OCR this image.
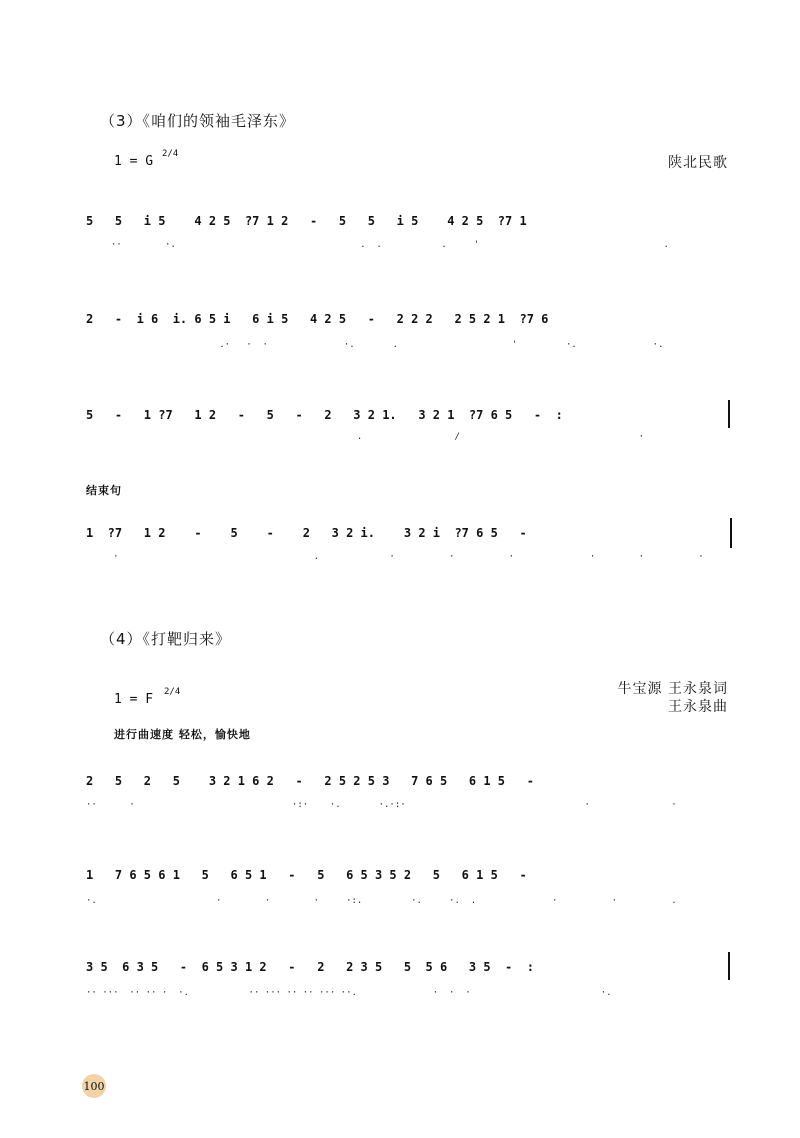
（3）《咱们的领袖毛泽东》
1 = G 2/4
陕北民歌
5   5   i 5    4 2 5  ?7 1 2   -   5   5   i 5    4 2 5  ?7 1
··        ·.                                  .  .           .     '                                  .
2   -  i 6  i. 6 5 i   6 i 5   4 2 5   -   2 2 2   2 5 2 1  ?7 6
.·   ·  ·              ·.       .                     '         ·.              ·.
5   -   1 ?7   1 2   -   5   -   2   3 2 1.   3 2 1  ?7 6 5   -  :
.                 /                                 ·
结束句
1  ?7   1 2    -    5    -    2   3 2 i.    3 2 i  ?7 6 5   -
·                                    .             ·          ·          ·              ·        ·          ·
（4）《打靶归来》
牛宝源 王永泉词
王永泉曲
1 = F 2/4
进行曲速度 轻松，愉快地
2   5   2   5    3 2 1 6 2   -   2 5 2 5 3   7 6 5   6 1 5   -
··      ·                             ·:·    ·.       ·.·:·                                 ·               ·
1   7 6 5 6 1   5   6 5 1   -   5   6 5 3 5 2   5   6 1 5   -
·.                      ·        ·        ·     ·:.         ·.     ·.  .              ·          ·          .
3 5  6 3 5   -  6 5 3 1 2   -   2   2 3 5   5  5 6   3 5  -  :
·· ···  ·· ·· ·  ·.           ·· ··· ·· ·· ··· ··.              ·  ·  ·                        ·.
100
